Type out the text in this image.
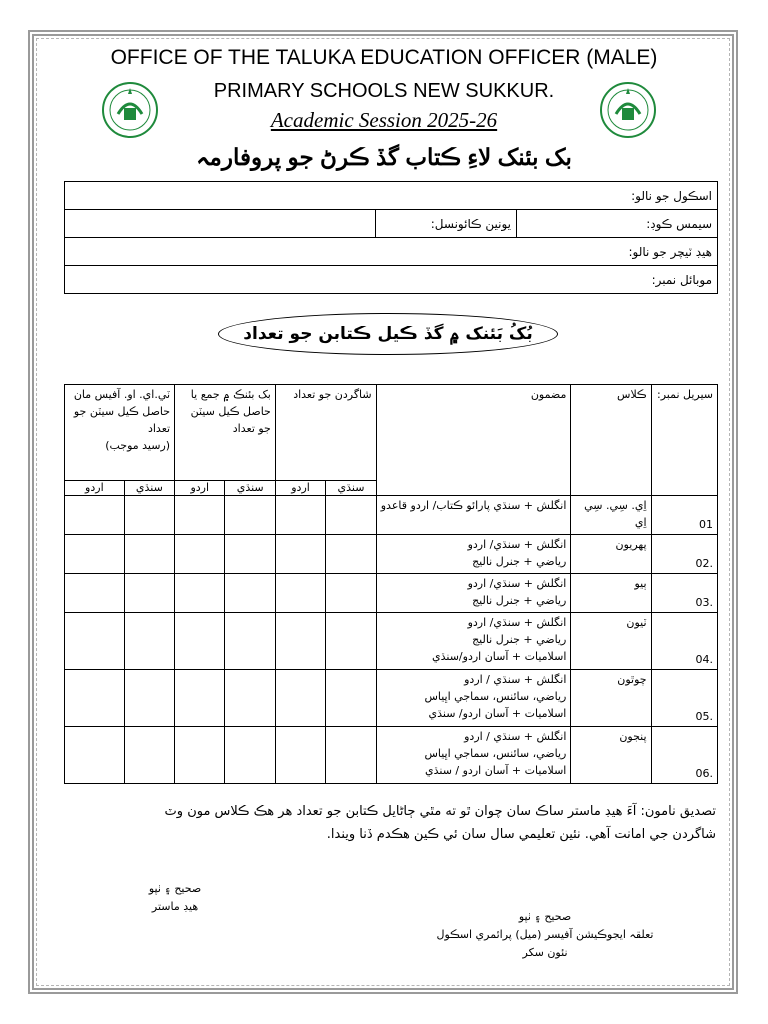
OFFICE OF THE TALUKA EDUCATION OFFICER (MALE)
PRIMARY SCHOOLS NEW SUKKUR.
Academic Session 2025-26
بک بئنک لاءِ ڪتاب گڏ ڪرڻ جو پروفارمہ
اسڪول جو نالو:
سيمس ڪوڊ:	يونين ڪائونسل:	
هيڊ ٽيچر جو نالو:
موبائل نمبر:
بُکُ بَئنک ۾ گڏ ڪيل ڪتابن جو تعداد
سيريل نمبر:	ڪلاس	مضمون	شاگردن جو تعداد		بک بئنڪ ۾ جمع يا حاصل ڪيل سيٽن جو تعداد		ٽي.اي. او. آفيس مان حاصل ڪيل سيٽن جو تعداد
(رسيد موجب)	
			سنڌي	اردو	سنڌي	اردو	سنڌي	اردو
01	اِي. سِي. سِي اِي	انگلش + سنڌي پارائو ڪتاب/ اردو قاعدو						
.02	پهريون	انگلش + سنڌي/ اردو
رياضي + جنرل نالیج						
.03	ٻيو	انگلش + سنڌي/ اردو
رياضي + جنرل نالیج						
.04	ٽيون	انگلش + سنڌي/ اردو
رياضي + جنرل نالیج
اسلاميات + آسان اردو/سنڌي						
.05	چوٿون	انگلش + سنڌي / اردو
رياضي، سائنس، سماجي اڀياس
اسلاميات + آسان اردو/ سنڌي						
.06	پنجون	انگلش + سنڌي / اردو
رياضي، سائنس، سماجي اڀياس
اسلاميات + آسان اردو / سنڌي						
تصديق نامون: آءَ هيڊ ماستر ساڪ سان چوان ٿو ته مٿي ڄاڻايل ڪتابن جو تعداد هر هڪ ڪلاس مون وٽ
شاگردن جي امانت آهي. نئين تعليمي سال سان ئي ڪين هڪدم ڏنا ويندا.
صحيح ۽ ٺپو
هيڊ ماستر
صحيح ۽ ٺپو
تعلقہ ايجوڪيشن آفيسر (ميل) پرائمري اسڪول
نئون سکر
